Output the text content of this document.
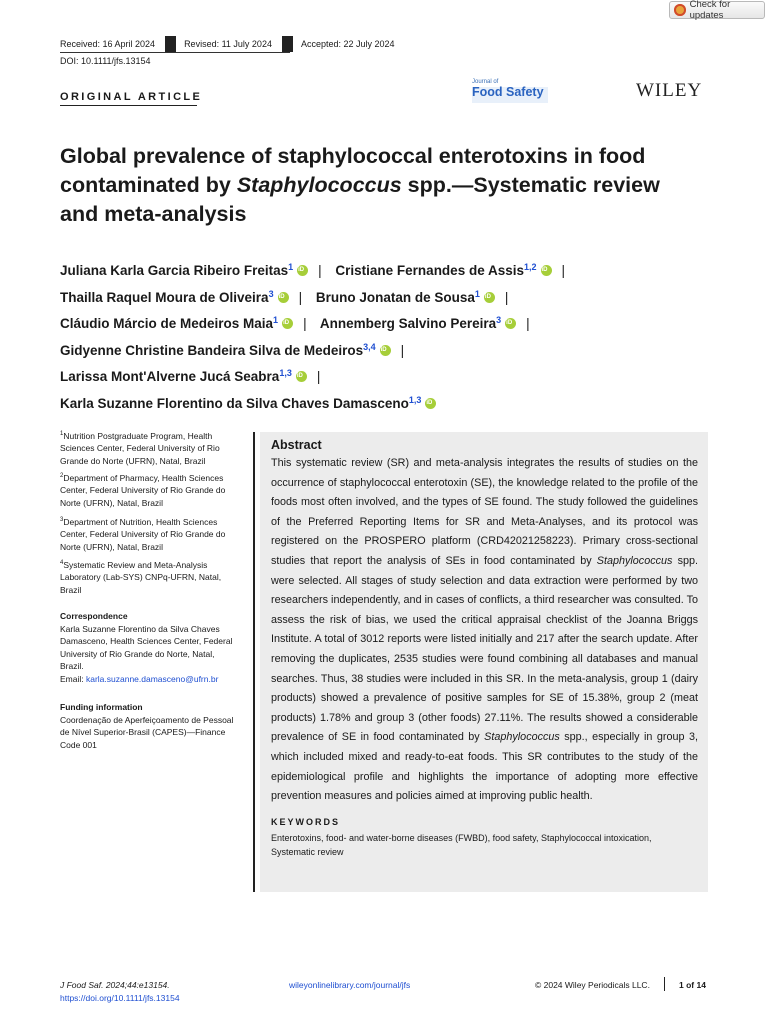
Check for updates
Received: 16 April 2024	Revised: 11 July 2024	Accepted: 22 July 2024
DOI: 10.1111/jfs.13154
ORIGINAL ARTICLE
Journal of
Food Safety	WILEY
Global prevalence of staphylococcal enterotoxins in food contaminated by Staphylococcus spp.—Systematic review and meta-analysis
Juliana Karla Garcia Ribeiro Freitas$^1$ iD | Cristiane Fernandes de Assis$^{1,2}$ iD |
Thailla Raquel Moura de Oliveira$^3$ iD | Bruno Jonatan de Sousa$^1$ iD |
Cláudio Márcio de Medeiros Maia$^1$ iD | Annemberg Salvino Pereira$^3$ iD |
Gidyenne Christine Bandeira Silva de Medeiros$^{3,4}$ iD |
Larissa Mont'Alverne Jucá Seabra$^{1,3}$ iD |
Karla Suzanne Florentino da Silva Chaves Damasceno$^{1,3}$iD
$^1$Nutrition Postgraduate Program, Health Sciences Center, Federal University of Rio Grande do Norte (UFRN), Natal, Brazil
$^2$Department of Pharmacy, Health Sciences Center, Federal University of Rio Grande do Norte (UFRN), Natal, Brazil
$^3$Department of Nutrition, Health Sciences Center, Federal University of Rio Grande do Norte (UFRN), Natal, Brazil
$^4$Systematic Review and Meta-Analysis Laboratory (Lab-SYS) CNPq-UFRN, Natal, Brazil
Correspondence
Karla Suzanne Florentino da Silva Chaves Damasceno, Health Sciences Center, Federal University of Rio Grande do Norte, Natal, Brazil.
Email: karla.suzanne.damasceno@ufrn.br
Funding information
Coordenação de Aperfeiçoamento de Pessoal de Nível Superior-Brasil (CAPES)—Finance Code 001
Abstract
This systematic review (SR) and meta-analysis integrates the results of studies on the occurrence of staphylococcal enterotoxin (SE), the knowledge related to the profile of the foods most often involved, and the types of SE found. The study followed the guidelines of the Preferred Reporting Items for SR and Meta-Analyses, and its protocol was registered on the PROSPERO platform (CRD42021258223). Primary cross-sectional studies that report the analysis of SEs in food contaminated by Staphylococcus spp. were selected. All stages of study selection and data extraction were performed by two researchers independently, and in cases of conflicts, a third researcher was consulted. To assess the risk of bias, we used the critical appraisal checklist of the Joanna Briggs Institute. A total of 3012 reports were listed initially and 217 after the search update. After removing the duplicates, 2535 studies were found combining all databases and manual searches. Thus, 38 studies were included in this SR. In the meta-analysis, group 1 (dairy products) showed a prevalence of positive samples for SE of 15.38%, group 2 (meat products) 1.78% and group 3 (other foods) 27.11%. The results showed a considerable prevalence of SE in food contaminated by Staphylococcus spp., especially in group 3, which included mixed and ready-to-eat foods. This SR contributes to the study of the epidemiological profile and highlights the importance of adopting more effective prevention measures and policies aimed at improving public health.
KEYWORDS
Enterotoxins, food- and water-borne diseases (FWBD), food safety, Staphylococcal intoxication, Systematic review
J Food Saf. 2024;44:e13154.
https://doi.org/10.1111/jfs.13154
wileyonlinelibrary.com/journal/jfs	© 2024 Wiley Periodicals LLC.	1 of 14
